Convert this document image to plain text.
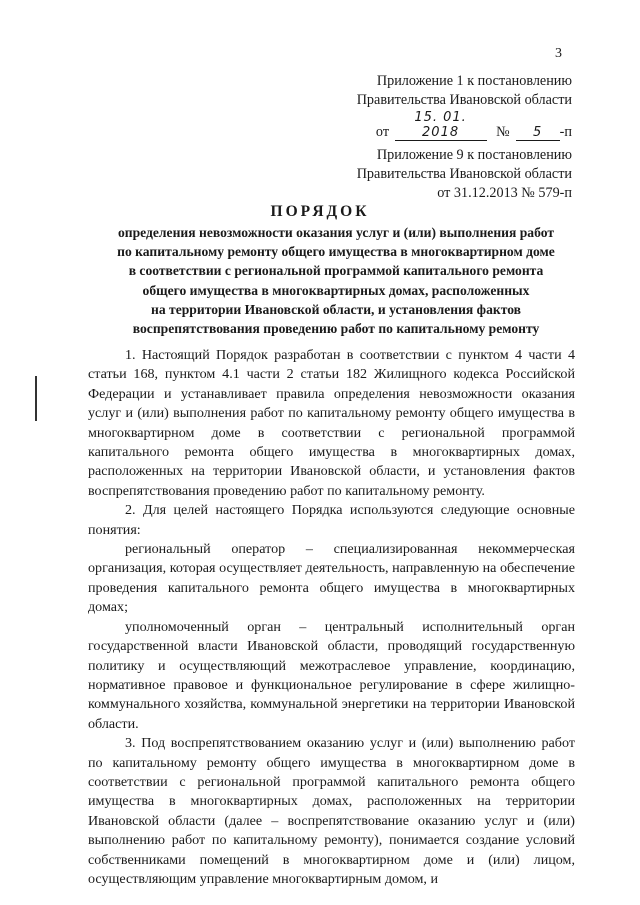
3
Приложение 1 к постановлению
Правительства Ивановской области
от 15. 01. 2018	№ 5 -п
Приложение 9 к постановлению
Правительства Ивановской области
от 31.12.2013 № 579-п
ПОРЯДОК
определения невозможности оказания услуг и (или) выполнения работ
по капитальному ремонту общего имущества в многоквартирном доме
в соответствии с региональной программой капитального ремонта
общего имущества в многоквартирных домах, расположенных
на территории Ивановской области, и установления фактов
воспрепятствования проведению работ по капитальному ремонту

1. Настоящий Порядок разработан в соответствии с пунктом 4 части 4 статьи 168, пунктом 4.1 части 2 статьи 182 Жилищного кодекса Российской Федерации и устанавливает правила определения невозможности оказания услуг и (или) выполнения работ по капитальному ремонту общего имущества в многоквартирном доме в соответствии с региональной программой капитального ремонта общего имущества в многоквартирных домах, расположенных на территории Ивановской области, и установления фактов воспрепятствования проведению работ по капитальному ремонту.

2. Для целей настоящего Порядка используются следующие основные понятия:

региональный оператор – специализированная некоммерческая организация, которая осуществляет деятельность, направленную на обеспечение проведения капитального ремонта общего имущества в многоквартирных домах;

уполномоченный орган – центральный исполнительный орган государственной власти Ивановской области, проводящий государственную политику и осуществляющий межотраслевое управление, координацию, нормативное правовое и функциональное регулирование в сфере жилищно-коммунального хозяйства, коммунальной энергетики на территории Ивановской области.

3. Под воспрепятствованием оказанию услуг и (или) выполнению работ по капитальному ремонту общего имущества в многоквартирном доме в соответствии с региональной программой капитального ремонта общего имущества в многоквартирных домах, расположенных на территории Ивановской области (далее – воспрепятствование оказанию услуг и (или) выполнению работ по капитальному ремонту), понимается создание условий собственниками помещений в многоквартирном доме и (или) лицом, осуществляющим управление многоквартирным домом, и
